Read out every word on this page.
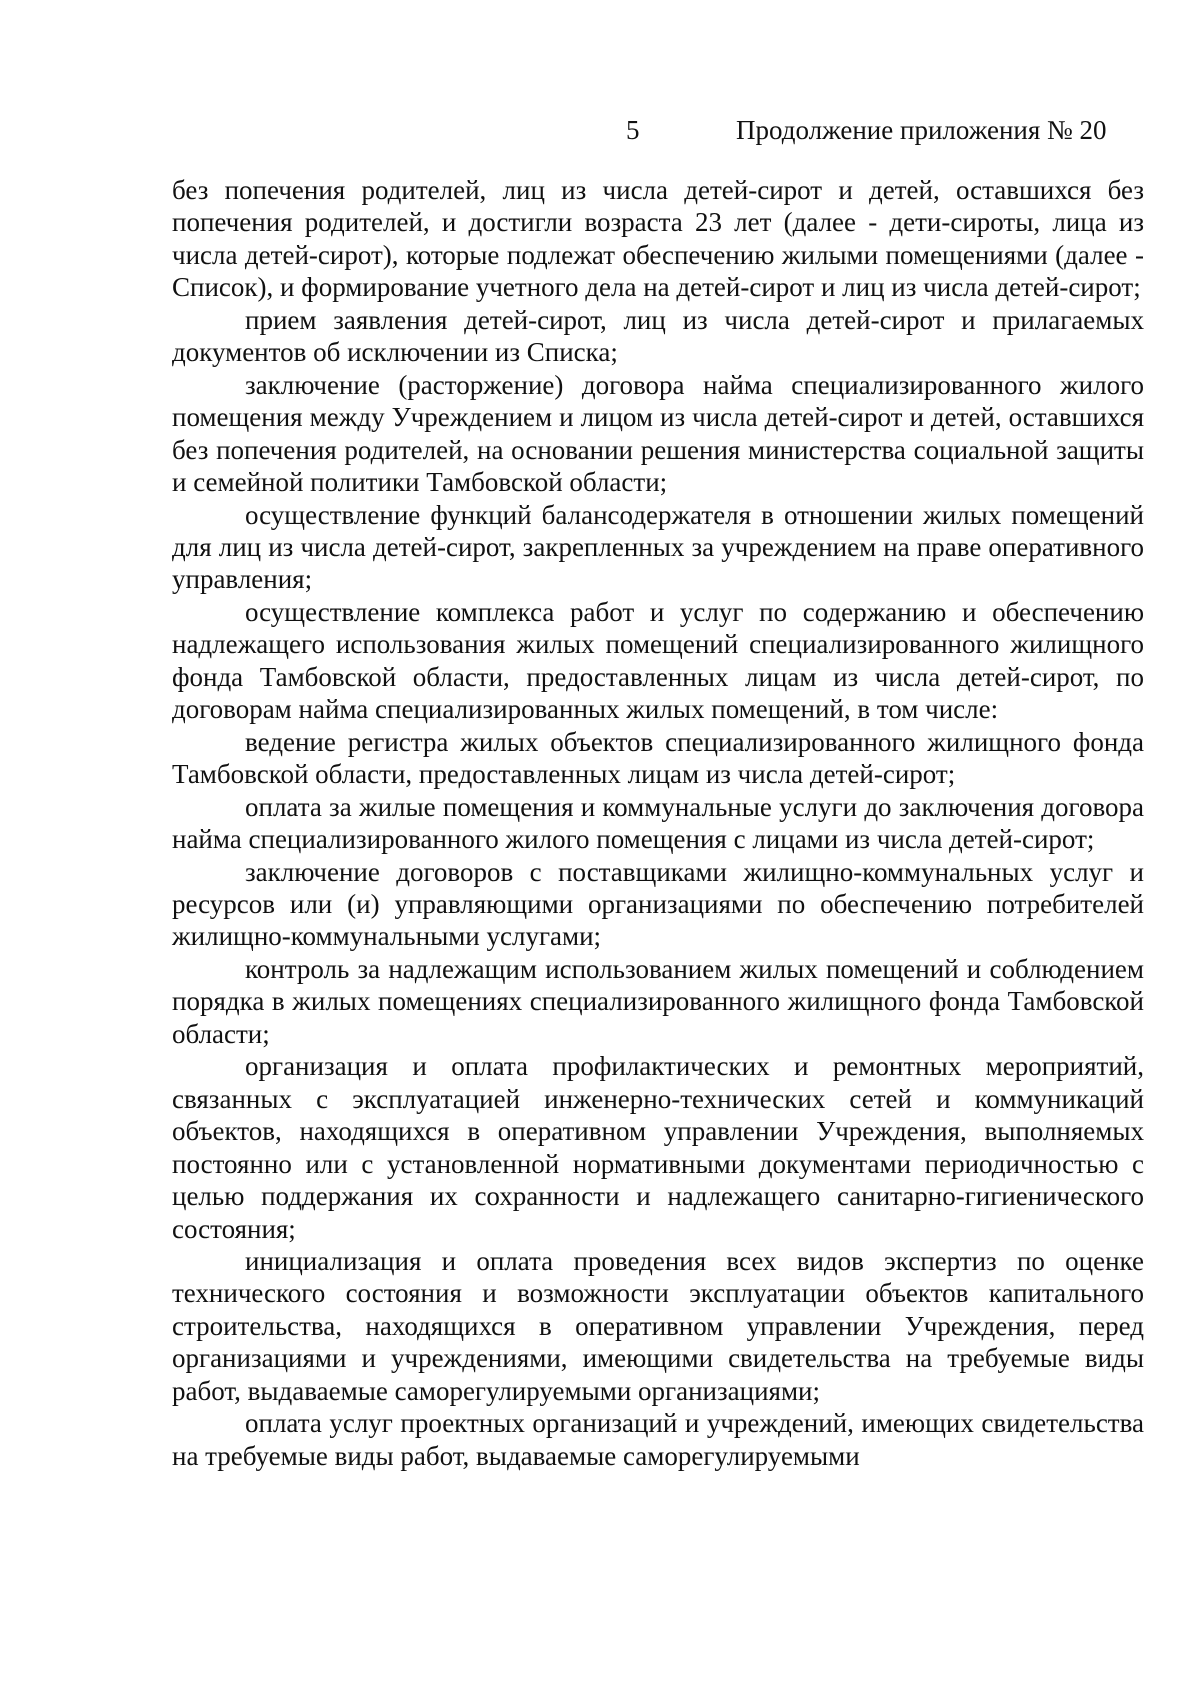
5	Продолжение приложения № 20

без попечения родителей, лиц из числа детей-сирот и детей, оставшихся без попечения родителей, и достигли возраста 23 лет (далее - дети-сироты, лица из числа детей-сирот), которые подлежат обеспечению жилыми помещениями (далее - Список), и формирование учетного дела на детей-сирот и лиц из числа детей-сирот;

прием заявления детей-сирот, лиц из числа детей-сирот и прилагаемых документов об исключении из Списка;

заключение (расторжение) договора найма специализированного жилого помещения между Учреждением и лицом из числа детей-сирот и детей, оставшихся без попечения родителей, на основании решения министерства социальной защиты и семейной политики Тамбовской области;

осуществление функций балансодержателя в отношении жилых помещений для лиц из числа детей-сирот, закрепленных за учреждением на праве оперативного управления;

осуществление комплекса работ и услуг по содержанию и обеспечению надлежащего использования жилых помещений специализированного жилищного фонда Тамбовской области, предоставленных лицам из числа детей-сирот, по договорам найма специализированных жилых помещений, в том числе:

ведение регистра жилых объектов специализированного жилищного фонда Тамбовской области, предоставленных лицам из числа детей-сирот;

оплата за жилые помещения и коммунальные услуги до заключения договора найма специализированного жилого помещения с лицами из числа детей-сирот;

заключение договоров с поставщиками жилищно-коммунальных услуг и ресурсов или (и) управляющими организациями по обеспечению потребителей жилищно-коммунальными услугами;

контроль за надлежащим использованием жилых помещений и соблюдением порядка в жилых помещениях специализированного жилищного фонда Тамбовской области;

организация и оплата профилактических и ремонтных мероприятий, связанных с эксплуатацией инженерно-технических сетей и коммуникаций объектов, находящихся в оперативном управлении Учреждения, выполняемых постоянно или с установленной нормативными документами периодичностью с целью поддержания их сохранности и надлежащего санитарно-гигиенического состояния;

инициализация и оплата проведения всех видов экспертиз по оценке технического состояния и возможности эксплуатации объектов капитального строительства, находящихся в оперативном управлении Учреждения, перед организациями и учреждениями, имеющими свидетельства на требуемые виды работ, выдаваемые саморегулируемыми организациями;

оплата услуг проектных организаций и учреждений, имеющих свидетельства на требуемые виды работ, выдаваемые саморегулируемыми
